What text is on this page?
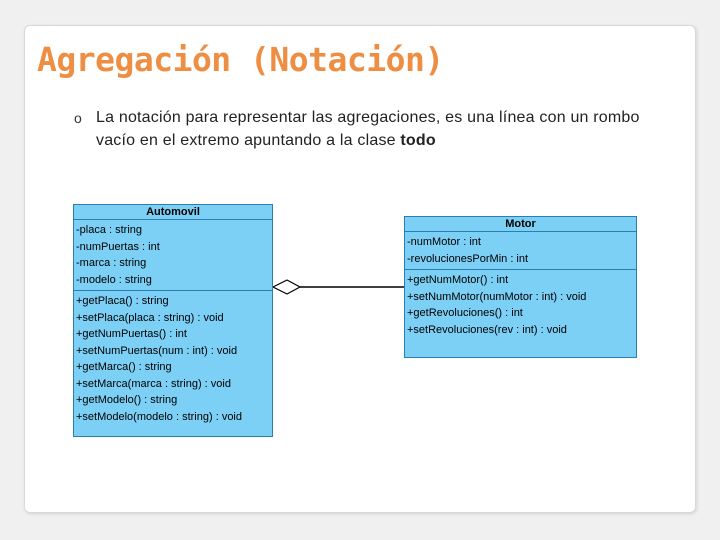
Agregación (Notación)
o La notación para representar las agregaciones, es una línea con un rombo vacío en el extremo apuntando a la clase todo

Automovil
-placa : string
-numPuertas : int
-marca : string
-modelo : string
+getPlaca() : string
+setPlaca(placa : string) : void
+getNumPuertas() : int
+setNumPuertas(num : int) : void
+getMarca() : string
+setMarca(marca : string) : void
+getModelo() : string
+setModelo(modelo : string) : void
Motor
-numMotor : int
-revolucionesPorMin : int
+getNumMotor() : int
+setNumMotor(numMotor : int) : void
+getRevoluciones() : int
+setRevoluciones(rev : int) : void
